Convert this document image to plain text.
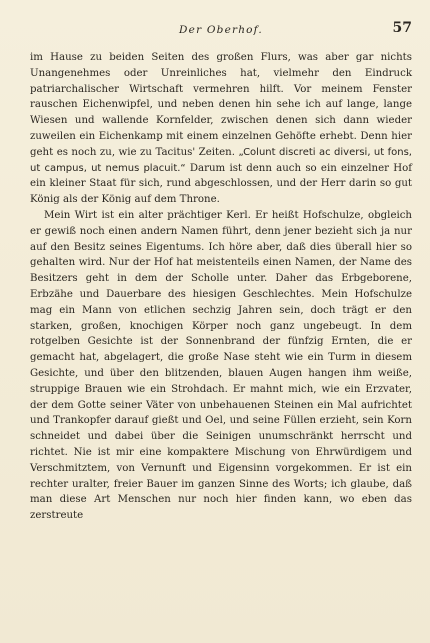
Der Oberhof.	57

im Hause zu beiden Seiten des großen Flurs, was aber gar nichts Unangenehmes oder Unreinliches hat, vielmehr den Eindruck patriarchalischer Wirtschaft vermehren hilft. Vor meinem Fenster rauschen Eichenwipfel, und neben denen hin sehe ich auf lange, lange Wiesen und wallende Kornfelder, zwischen denen sich dann wieder zuweilen ein Eichenkamp mit einem einzelnen Gehöfte erhebt. Denn hier geht es noch zu, wie zu Tacitus' Zeiten. „Colunt discreti ac diversi, ut fons, ut campus, ut nemus placuit.“ Darum ist denn auch so ein einzelner Hof ein kleiner Staat für sich, rund abgeschlossen, und der Herr darin so gut König als der König auf dem Throne.

Mein Wirt ist ein alter prächtiger Kerl. Er heißt Hofschulze, obgleich er gewiß noch einen andern Namen führt, denn jener bezieht sich ja nur auf den Besitz seines Eigentums. Ich höre aber, daß dies überall hier so gehalten wird. Nur der Hof hat meistenteils einen Namen, der Name des Besitzers geht in dem der Scholle unter. Daher das Erbgeborene, Erbzähe und Dauerbare des hiesigen Geschlechtes. Mein Hofschulze mag ein Mann von etlichen sechzig Jahren sein, doch trägt er den starken, großen, knochigen Körper noch ganz ungebeugt. In dem rotgelben Gesichte ist der Sonnenbrand der fünfzig Ernten, die er gemacht hat, abgelagert, die große Nase steht wie ein Turm in diesem Gesichte, und über den blitzenden, blauen Augen hangen ihm weiße, struppige Brauen wie ein Strohdach. Er mahnt mich, wie ein Erzvater, der dem Gotte seiner Väter von unbehauenen Steinen ein Mal aufrichtet und Trankopfer darauf gießt und Oel, und seine Füllen erzieht, sein Korn schneidet und dabei über die Seinigen unumschränkt herrscht und richtet. Nie ist mir eine kompaktere Mischung von Ehrwürdigem und Verschmitztem, von Vernunft und Eigensinn vorgekommen. Er ist ein rechter uralter, freier Bauer im ganzen Sinne des Worts; ich glaube, daß man diese Art Menschen nur noch hier finden kann, wo eben das zerstreute
